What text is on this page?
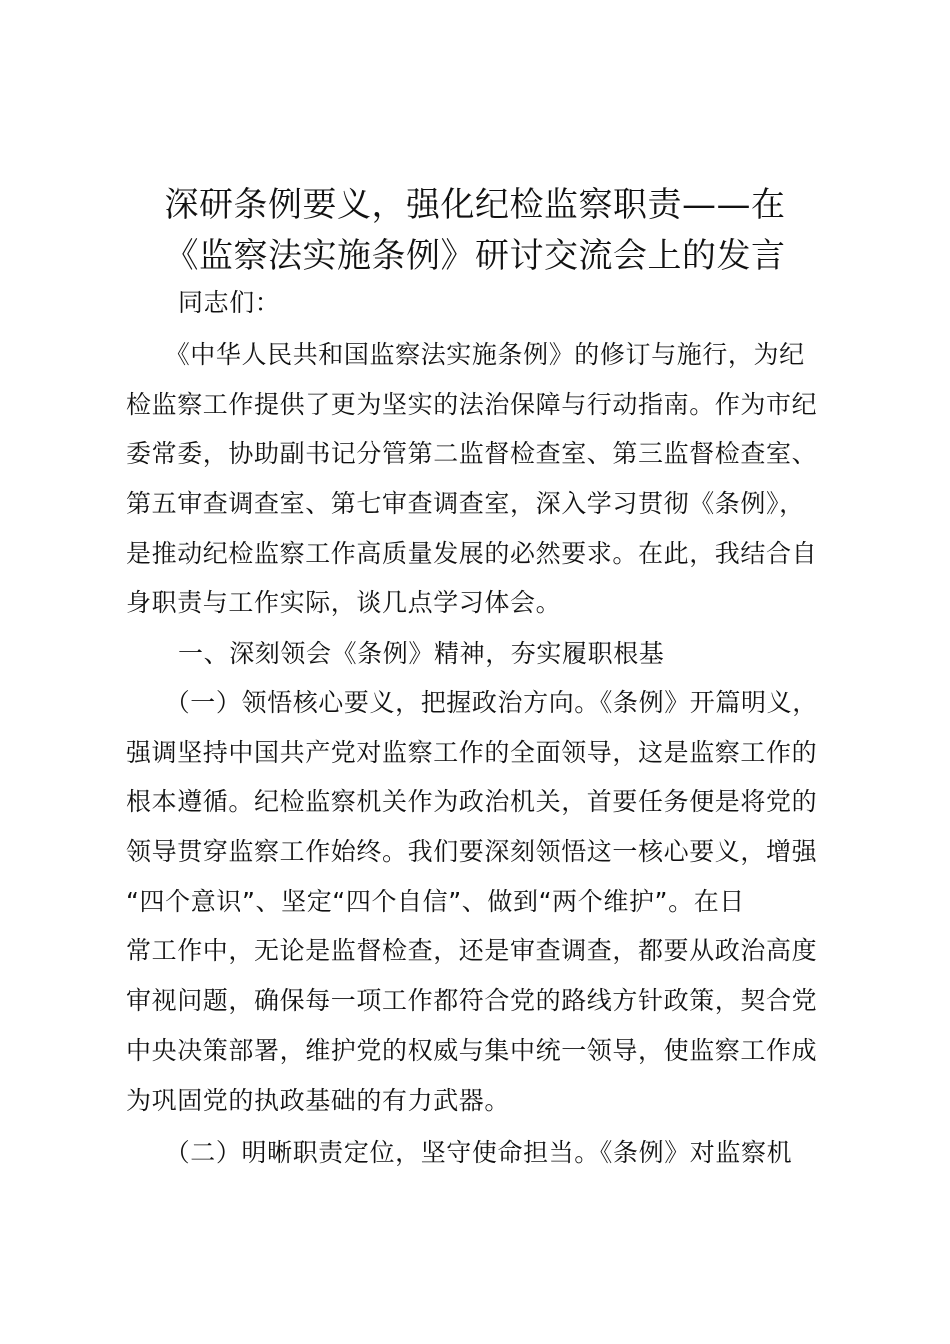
深研条例要义，强化纪检监察职责——在
《监察法实施条例》研讨交流会上的发言
同志们：
　　《中华人民共和国监察法实施条例》的修订与施行，为纪
检监察工作提供了更为坚实的法治保障与行动指南。作为市纪
委常委，协助副书记分管第二监督检查室、第三监督检查室、
第五审查调查室、第七审查调查室，深入学习贯彻《条例》，
是推动纪检监察工作高质量发展的必然要求。在此，我结合自
身职责与工作实际，谈几点学习体会。
一、深刻领会《条例》精神，夯实履职根基
　　（一）领悟核心要义，把握政治方向。《条例》开篇明义，
强调坚持中国共产党对监察工作的全面领导，这是监察工作的
根本遵循。纪检监察机关作为政治机关，首要任务便是将党的
领导贯穿监察工作始终。我们要深刻领悟这一核心要义，增强
“四个意识”、坚定“四个自信”、做到“两个维护”。在日
常工作中，无论是监督检查，还是审查调查，都要从政治高度
审视问题，确保每一项工作都符合党的路线方针政策，契合党
中央决策部署，维护党的权威与集中统一领导，使监察工作成
为巩固党的执政基础的有力武器。
　　（二）明晰职责定位，坚守使命担当。《条例》对监察机
